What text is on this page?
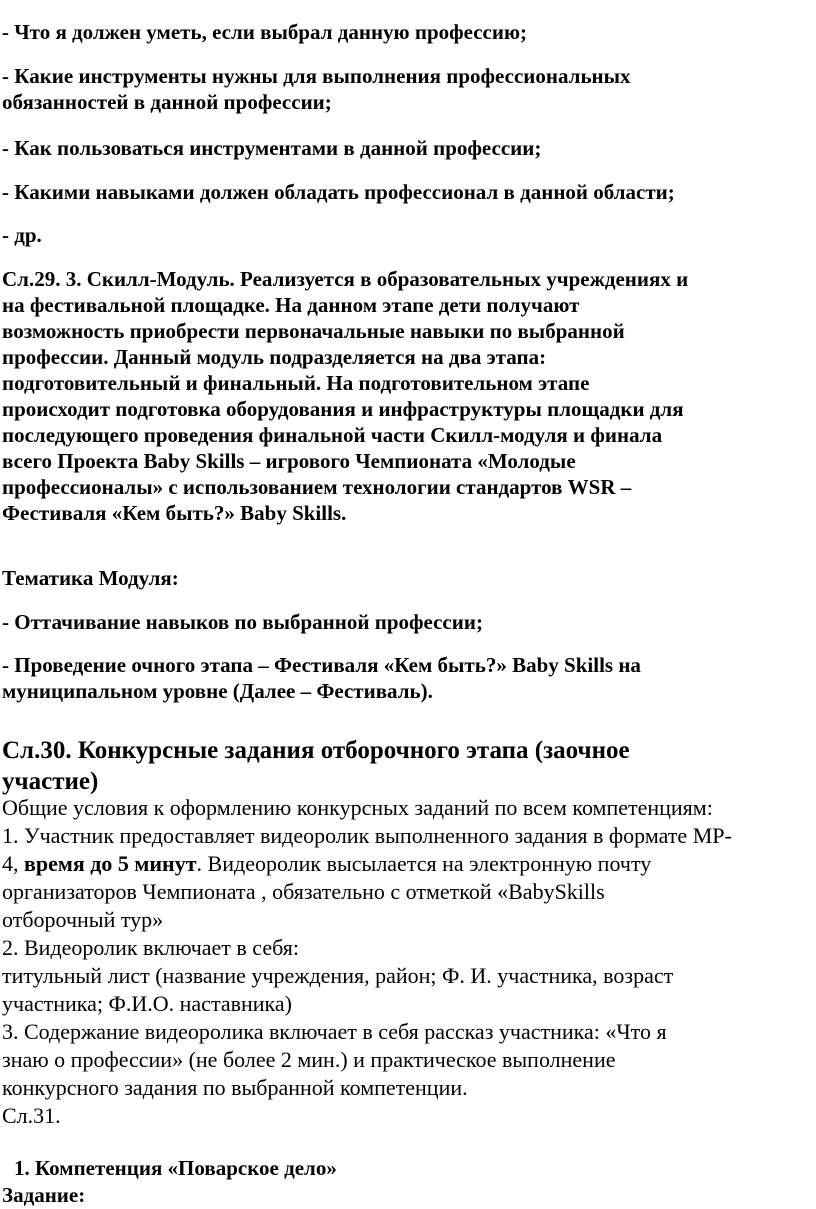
- Что я должен уметь, если выбрал данную профессию;

- Какие инструменты нужны для выполнения профессиональных
обязанностей в данной профессии;

- Как пользоваться инструментами в данной профессии;

- Какими навыками должен обладать профессионал в данной области;

- др.

Сл.29. 3. Скилл-Модуль. Реализуется в образовательных учреждениях и
на фестивальной площадке. На данном этапе дети получают
возможность приобрести первоначальные навыки по выбранной
профессии. Данный модуль подразделяется на два этапа:
подготовительный и финальный. На подготовительном этапе
происходит подготовка оборудования и инфраструктуры площадки для
последующего проведения финальной части Скилл-модуля и финала
всего Проекта Baby Skills – игрового Чемпионата «Молодые
профессионалы» с использованием технологии стандартов WSR –
Фестиваля «Кем быть?» Baby Skills.

Тематика Модуля:

- Оттачивание навыков по выбранной профессии;

- Проведение очного этапа – Фестиваля «Кем быть?» Baby Skills на
муниципальном уровне (Далее – Фестиваль).

Сл.30. Конкурсные задания отборочного этапа (заочное
участие)
Общие условия к оформлению конкурсных заданий по всем компетенциям:
1. Участник предоставляет видеоролик выполненного задания в формате МР-
4, время до 5 минут. Видеоролик высылается на электронную почту
организаторов Чемпионата , обязательно с отметкой «BabySkills
отборочный тур»
2. Видеоролик включает в себя:
титульный лист (название учреждения, район; Ф. И. участника, возраст
участника; Ф.И.О. наставника)
3. Содержание видеоролика включает в себя рассказ участника: «Что я
знаю о профессии» (не более 2 мин.) и практическое выполнение
конкурсного задания по выбранной компетенции.
Сл.31.

1. Компетенция «Поварское дело»

Задание:
